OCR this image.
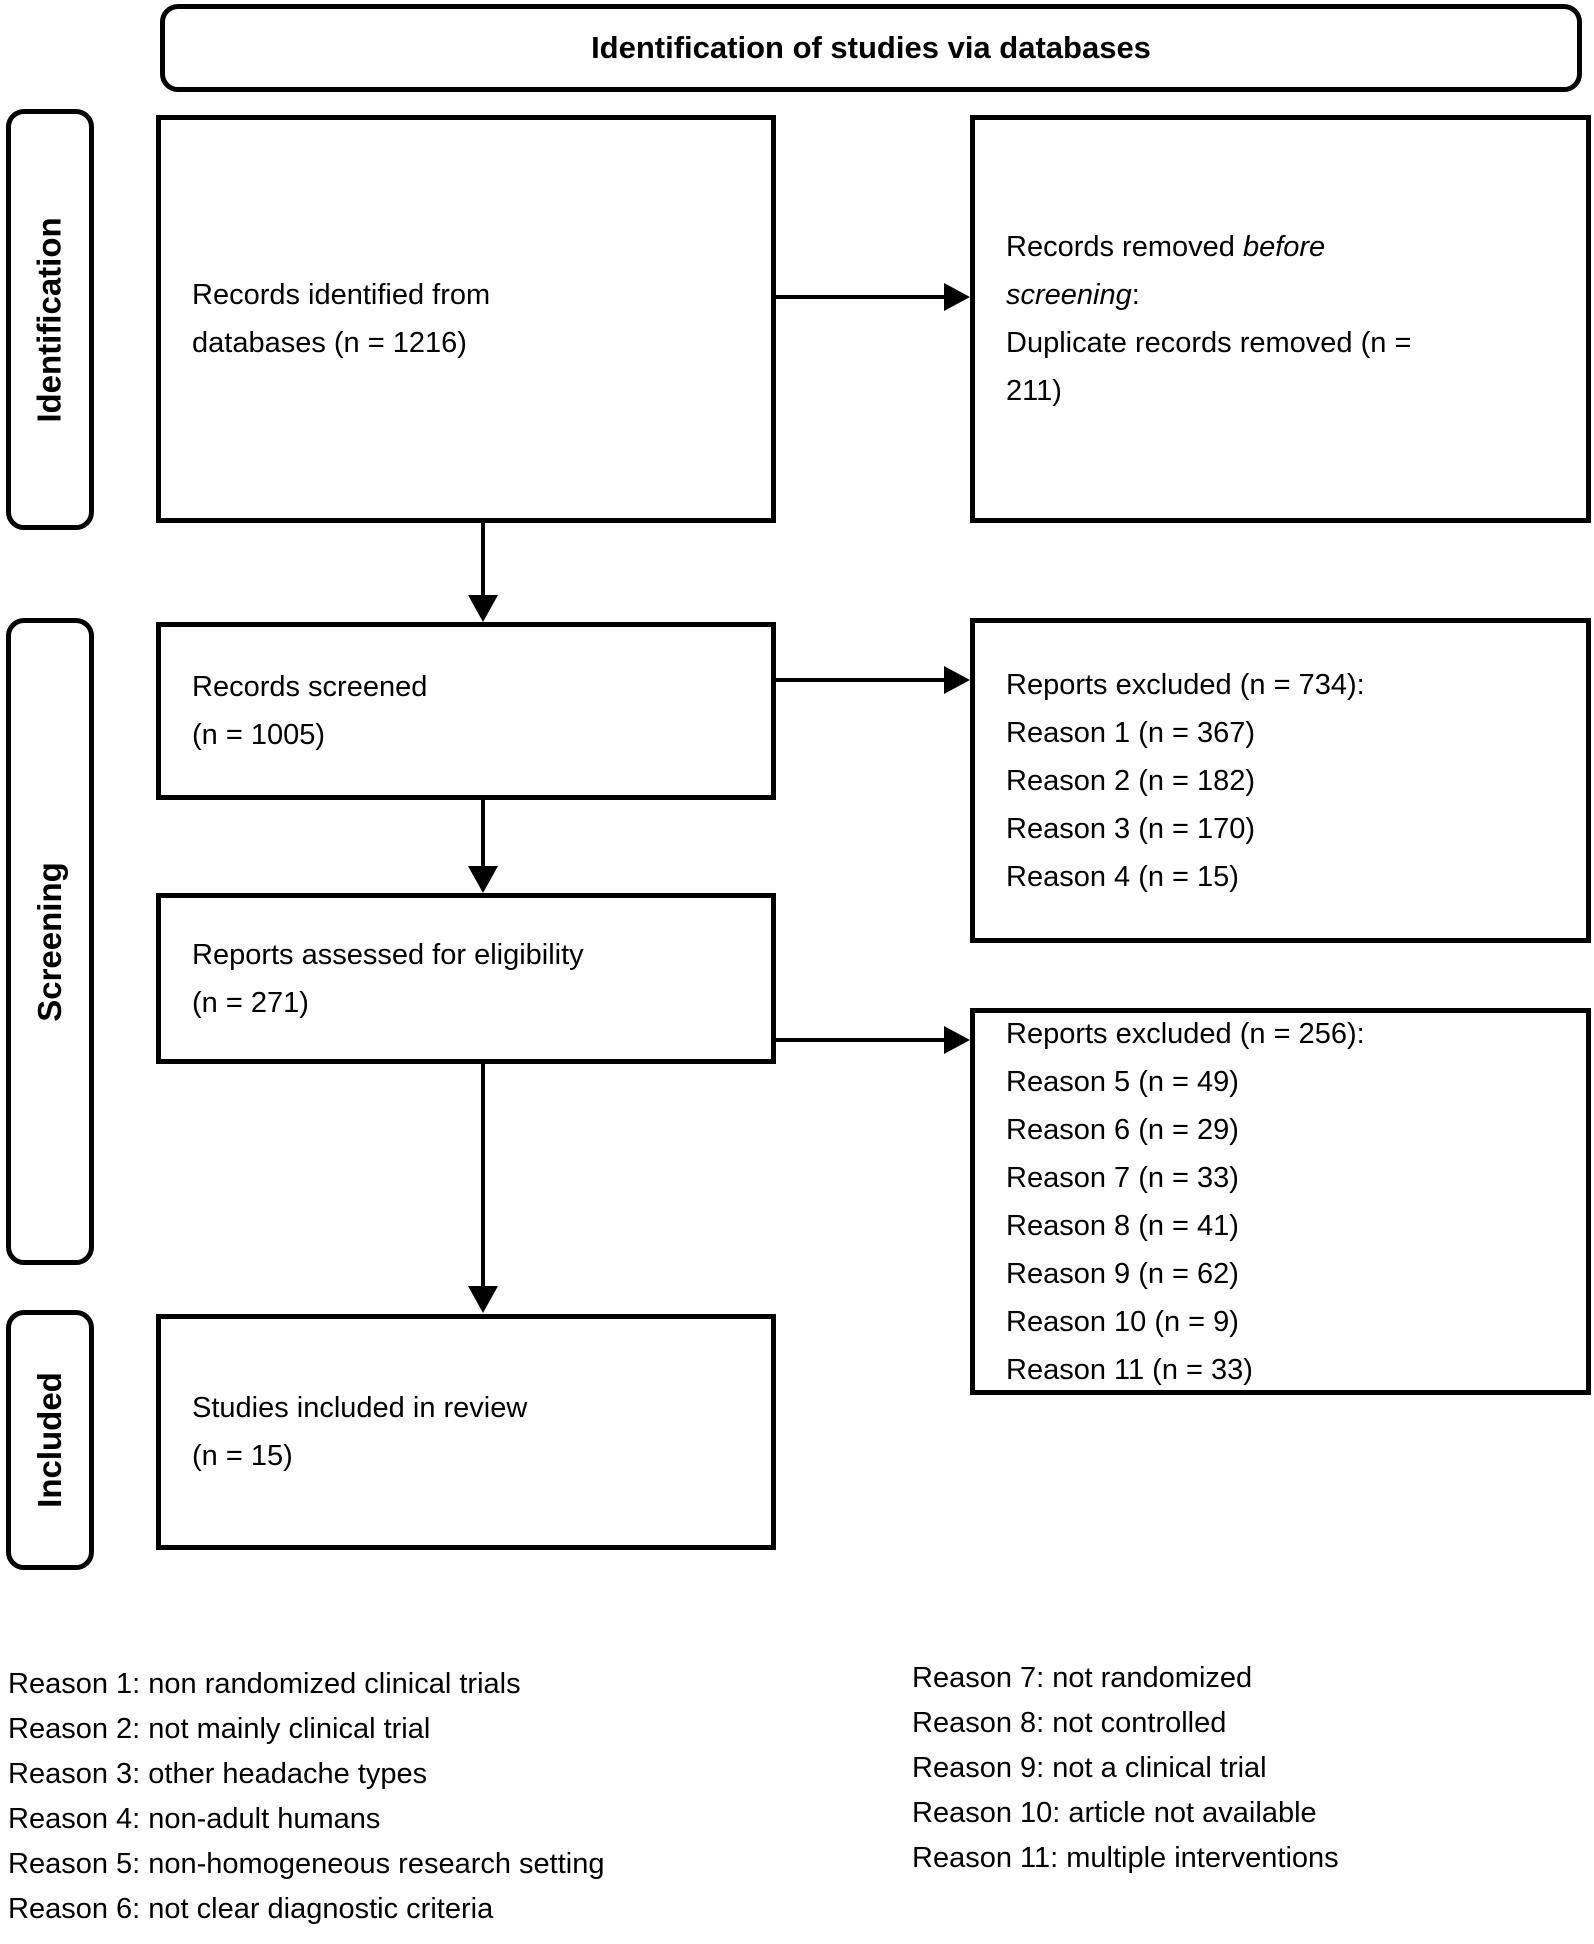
Identification of studies via databases
Identification
Screening
Included
Records identified from
databases (n = 1216)
Records screened
(n = 1005)
Reports assessed for eligibility
(n = 271)
Studies included in review
(n = 15)
Records removed before
screening:
Duplicate records removed (n =
211)
Reports excluded (n = 734):
Reason 1 (n = 367)
Reason 2 (n = 182)
Reason 3 (n = 170)
Reason 4 (n = 15)
Reports excluded (n = 256):
Reason 5 (n = 49)
Reason 6 (n = 29)
Reason 7 (n = 33)
Reason 8 (n = 41)
Reason 9 (n = 62)
Reason 10 (n = 9)
Reason 11 (n = 33)
Reason 1: non randomized clinical trials
Reason 2: not mainly clinical trial
Reason 3: other headache types
Reason 4: non-adult humans
Reason 5: non-homogeneous research setting
Reason 6: not clear diagnostic criteria
Reason 7: not randomized
Reason 8: not controlled
Reason 9: not a clinical trial
Reason 10: article not available
Reason 11: multiple interventions
